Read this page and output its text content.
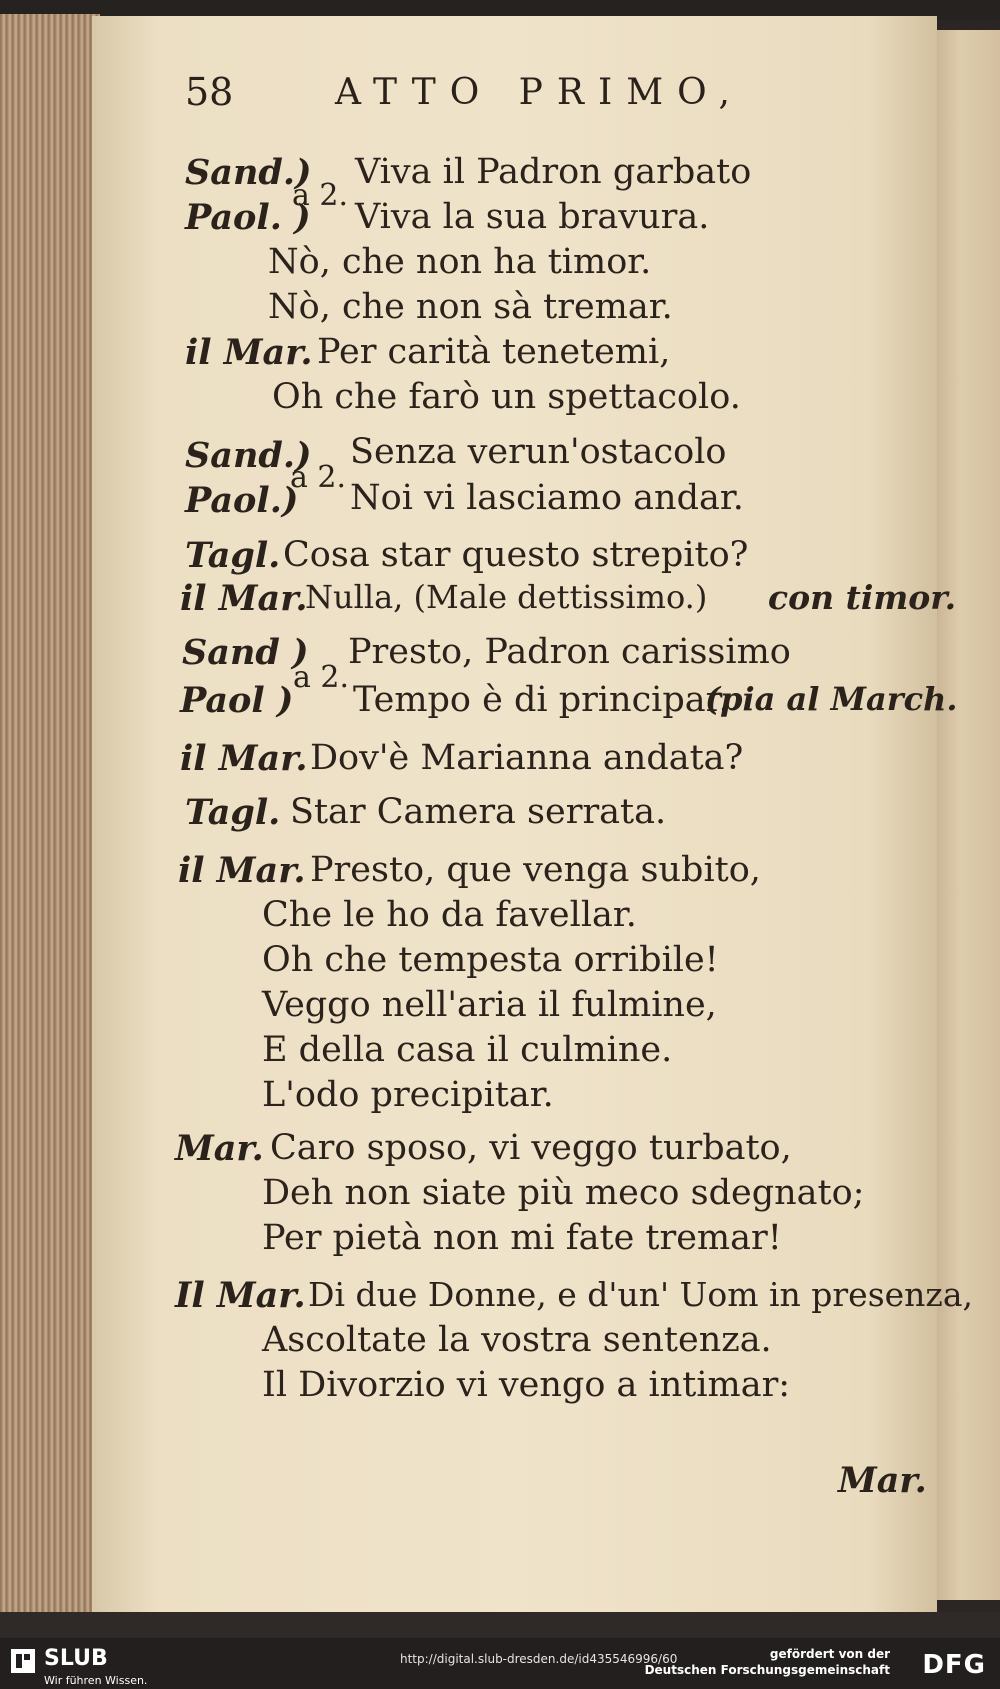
58	ATTO PRIMO,
Sand.)
a 2.
Viva il Padron garbato
Paol. ) Viva la sua bravura.
Nò, che non ha timor.
Nò, che non sà tremar.
il Mar. Per carità tenetemi,
Oh che farò un spettacolo.
Sand.)
a 2.
Senza verun'ostacolo
Paol.) Noi vi lasciamo andar.
Tagl. Cosa star questo strepito?
il Mar.
Nulla, (Male dettissimo.) con timor.
Sand )
a 2.
Presto, Padron carissimo
Paol ) Tempo è di principar.
(pia al March.
il Mar. Dov'è Marianna andata?
Tagl. Star Camera serrata.
il Mar. Presto, que venga subito,
Che le ho da favellar.
Oh che tempesta orribile!
Veggo nell'aria il fulmine,
E della casa il culmine.
L'odo precipitar.
Mar. Caro sposo, vi veggo turbato,
Deh non siate più meco sdegnato;
Per pietà non mi fate tremar!
Il Mar. Di due Donne, e d'un' Uom in presenza,
Ascoltate la vostra sentenza.
Il Divorzio vi vengo a intimar:
Mar.
SLUB
Wir führen Wissen.
http://digital.slub-dresden.de/id435546996/60	gefördert von der
Deutschen Forschungsgemeinschaft DFG
